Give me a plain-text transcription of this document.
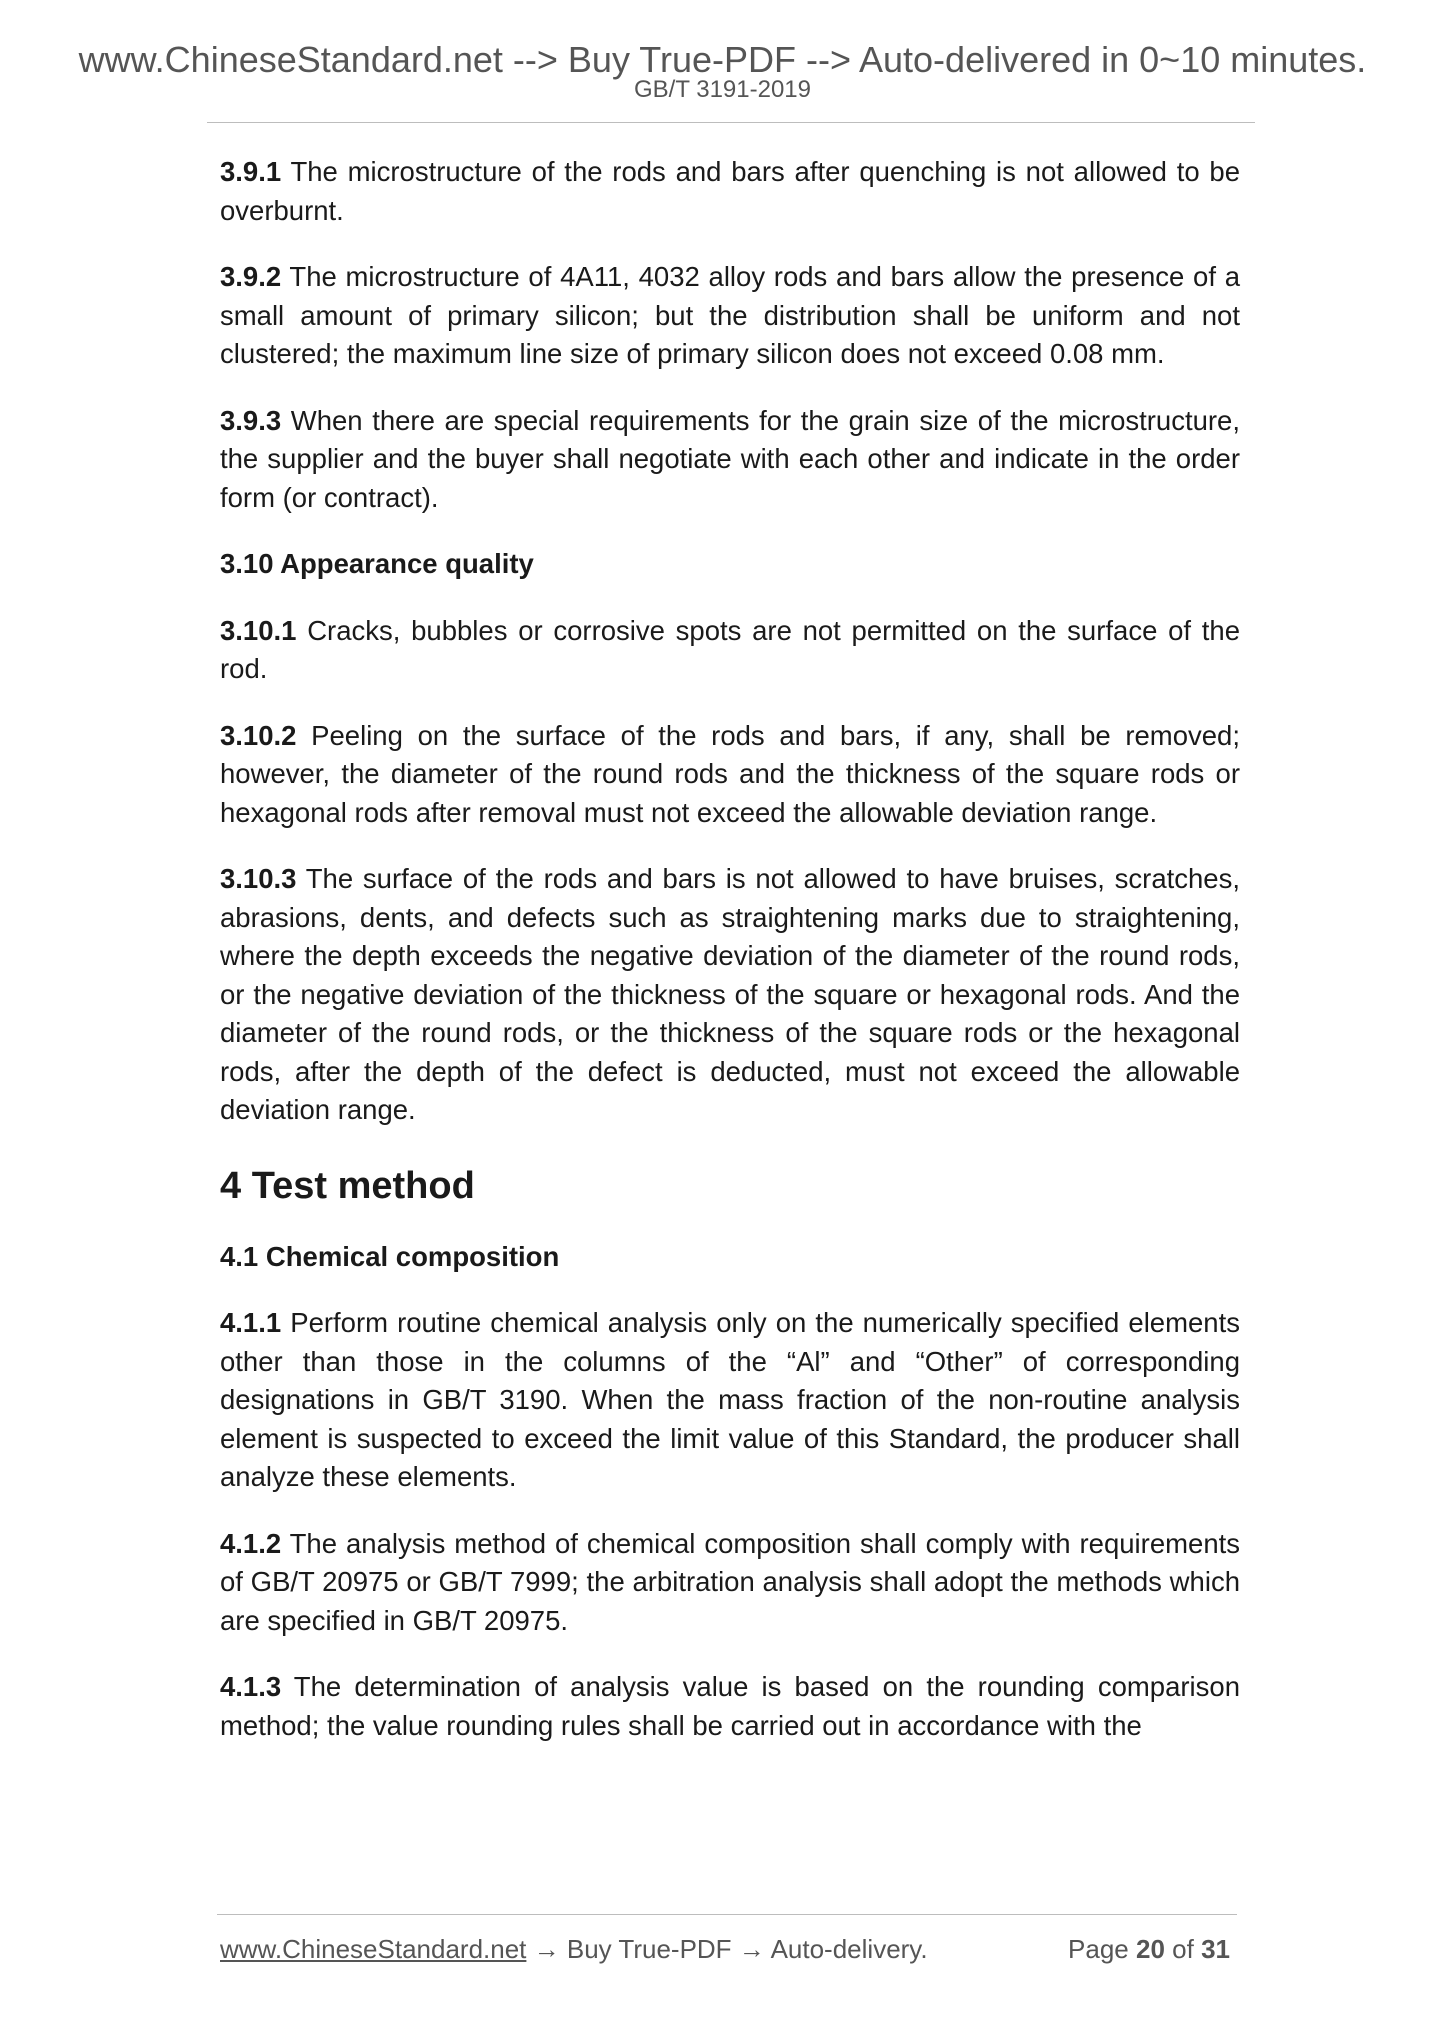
www.ChineseStandard.net --> Buy True-PDF --> Auto-delivered in 0~10 minutes.
GB/T 3191-2019

3.9.1 The microstructure of the rods and bars after quenching is not allowed to be overburnt.

3.9.2 The microstructure of 4A11, 4032 alloy rods and bars allow the presence of a small amount of primary silicon; but the distribution shall be uniform and not clustered; the maximum line size of primary silicon does not exceed 0.08 mm.

3.9.3 When there are special requirements for the grain size of the microstructure, the supplier and the buyer shall negotiate with each other and indicate in the order form (or contract).

3.10 Appearance quality

3.10.1 Cracks, bubbles or corrosive spots are not permitted on the surface of the rod.

3.10.2 Peeling on the surface of the rods and bars, if any, shall be removed; however, the diameter of the round rods and the thickness of the square rods or hexagonal rods after removal must not exceed the allowable deviation range.

3.10.3 The surface of the rods and bars is not allowed to have bruises, scratches, abrasions, dents, and defects such as straightening marks due to straightening, where the depth exceeds the negative deviation of the diameter of the round rods, or the negative deviation of the thickness of the square or hexagonal rods. And the diameter of the round rods, or the thickness of the square rods or the hexagonal rods, after the depth of the defect is deducted, must not exceed the allowable deviation range.

4 Test method

4.1 Chemical composition

4.1.1 Perform routine chemical analysis only on the numerically specified elements other than those in the columns of the “Al” and “Other” of corresponding designations in GB/T 3190. When the mass fraction of the non-routine analysis element is suspected to exceed the limit value of this Standard, the producer shall analyze these elements.

4.1.2 The analysis method of chemical composition shall comply with requirements of GB/T 20975 or GB/T 7999; the arbitration analysis shall adopt the methods which are specified in GB/T 20975.

4.1.3 The determination of analysis value is based on the rounding comparison method; the value rounding rules shall be carried out in accordance with the

www.ChineseStandard.net → Buy True-PDF → Auto-delivery.	Page 20 of 31
